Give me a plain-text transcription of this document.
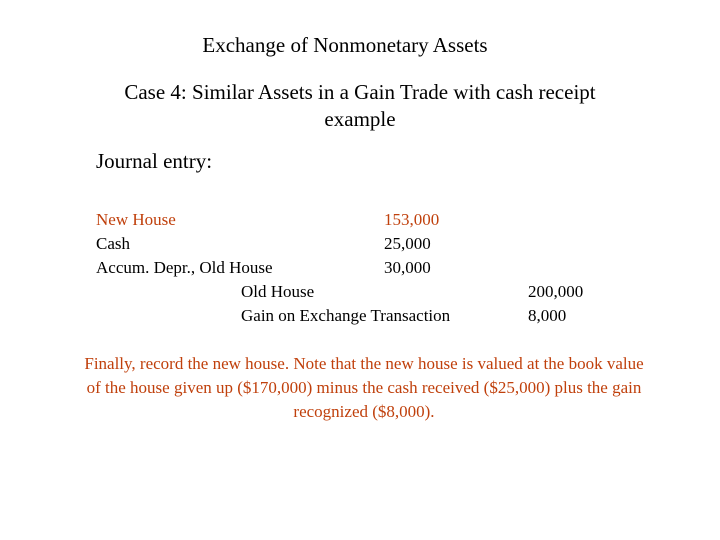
Exchange of Nonmonetary Assets
Case 4: Similar Assets in a Gain Trade with cash receipt example
Journal entry:
New House	153,000
Cash	25,000
Accum. Depr., Old House	30,000
Old House	200,000
Gain on Exchange Transaction	8,000
Finally, record the new house. Note that the new house is valued at the book value of the house given up ($170,000) minus the cash received ($25,000) plus the gain recognized ($8,000).
